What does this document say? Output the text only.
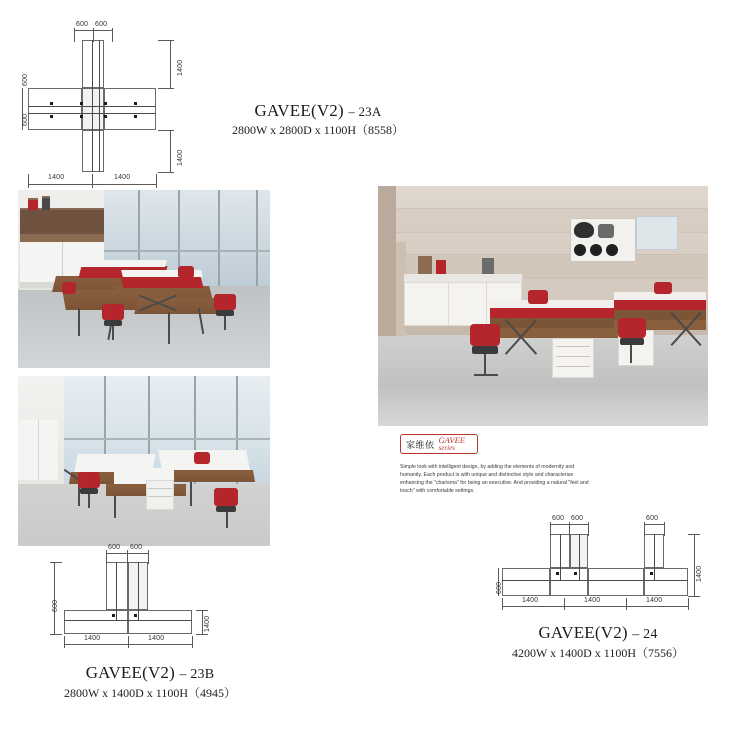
600 600
1400
1400
600
600
1400	1400
GAVEE(V2) – 23A
2800W x 2800D x 1100H（8558）
家维依
GAVEE
series
Simple look with intelligent design, by adding the elements of modernity and humanity. Each product is with unique and distinctive style and characterise enhancing the "charisma" for being an executive. And providing a natural "feel and touch" with comfortable settings.
600 600	600
1400
600
1400	1400	1400
GAVEE(V2) – 24
4200W x 1400D x 1100H（7556）
600 600
600
1400
1400	1400
GAVEE(V2) – 23B
2800W x 1400D x 1100H（4945）
